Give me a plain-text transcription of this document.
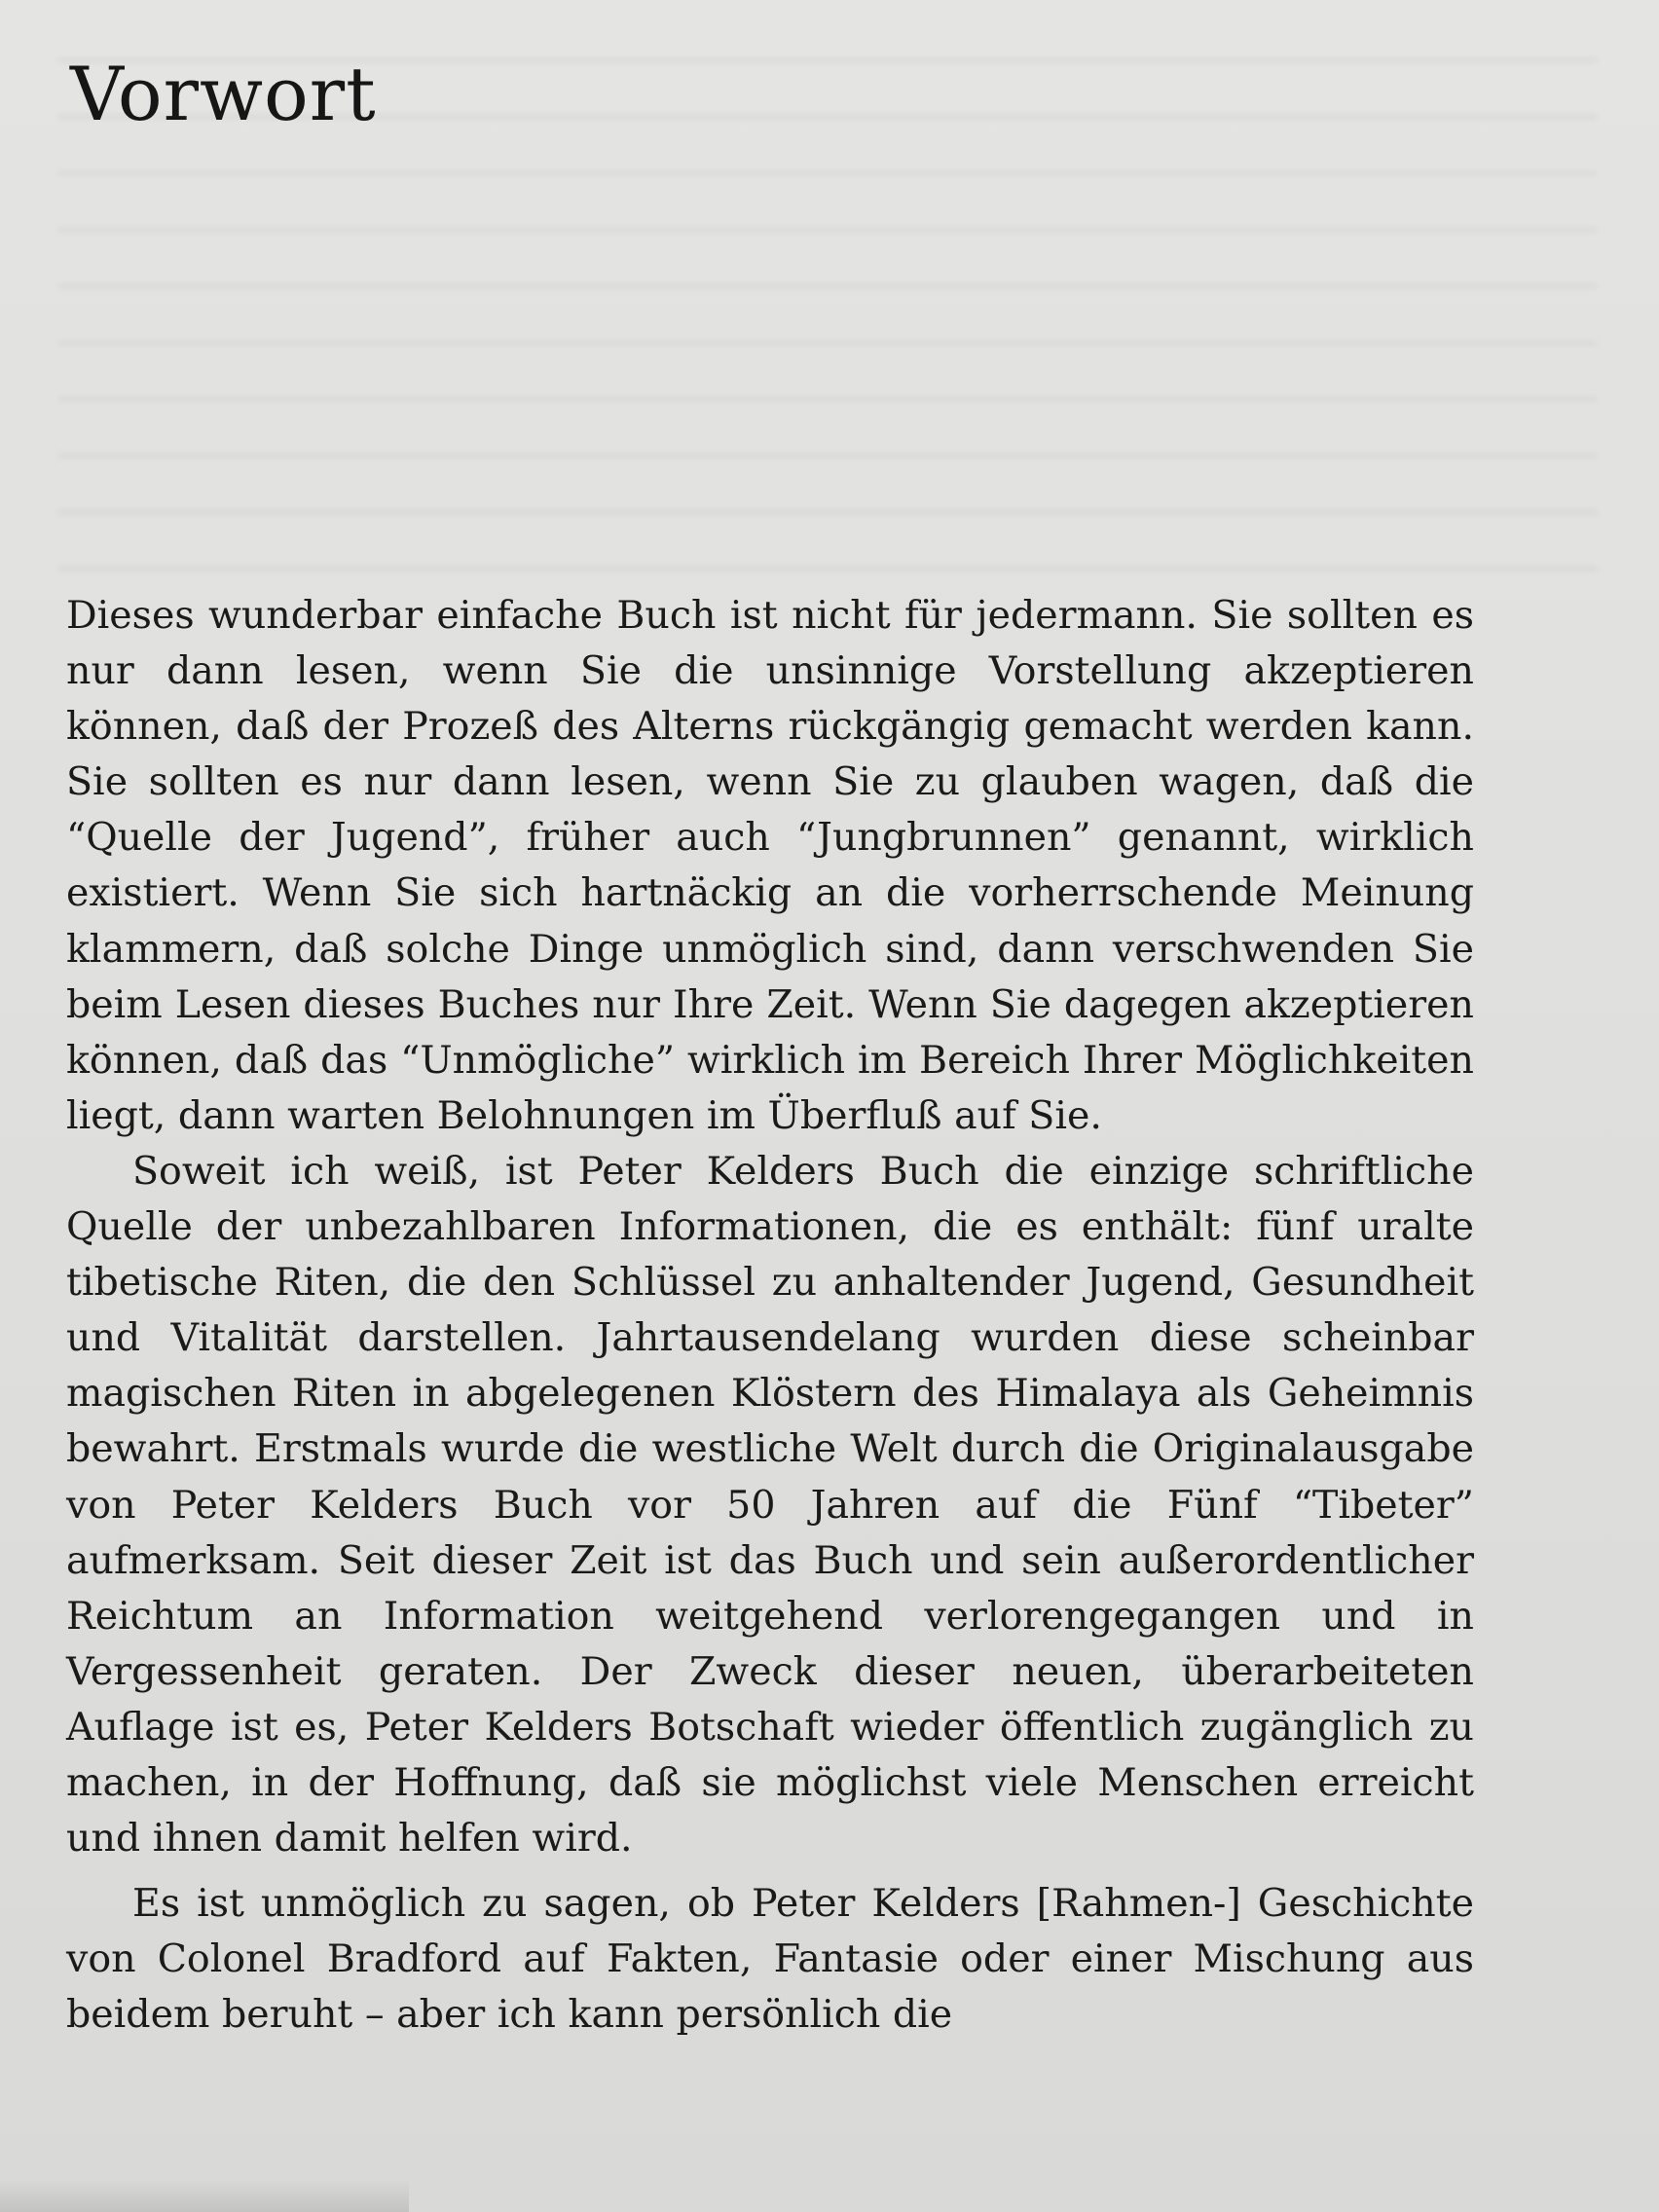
Vorwort

Dieses wunderbar einfache Buch ist nicht für jedermann. Sie sollten es nur dann lesen, wenn Sie die unsinnige Vorstellung akzeptieren können, daß der Prozeß des Alterns rückgängig gemacht werden kann. Sie sollten es nur dann lesen, wenn Sie zu glauben wagen, daß die “Quelle der Jugend”, früher auch “Jungbrunnen” genannt, wirklich existiert. Wenn Sie sich hartnäckig an die vorherrschende Meinung klammern, daß solche Dinge unmöglich sind, dann verschwenden Sie beim Lesen dieses Buches nur Ihre Zeit. Wenn Sie dagegen akzeptieren können, daß das “Unmögliche” wirklich im Bereich Ihrer Möglichkeiten liegt, dann warten Belohnungen im Überfluß auf Sie.

Soweit ich weiß, ist Peter Kelders Buch die einzige schriftliche Quelle der unbezahlbaren Informationen, die es enthält: fünf uralte tibetische Riten, die den Schlüssel zu anhaltender Jugend, Gesundheit und Vitalität darstellen. Jahrtausendelang wurden diese scheinbar magischen Riten in abgelegenen Klöstern des Himalaya als Geheimnis bewahrt. Erstmals wurde die westliche Welt durch die Originalausgabe von Peter Kelders Buch vor 50 Jahren auf die Fünf “Tibeter” aufmerksam. Seit dieser Zeit ist das Buch und sein außerordentlicher Reichtum an Information weitgehend verlorengegangen und in Vergessenheit geraten. Der Zweck dieser neuen, überarbeiteten Auflage ist es, Peter Kelders Botschaft wieder öffentlich zugänglich zu machen, in der Hoffnung, daß sie möglichst viele Menschen erreicht und ihnen damit helfen wird.

Es ist unmöglich zu sagen, ob Peter Kelders [Rahmen-] Geschichte von Colonel Bradford auf Fakten, Fantasie oder einer Mischung aus beidem beruht – aber ich kann persönlich die
